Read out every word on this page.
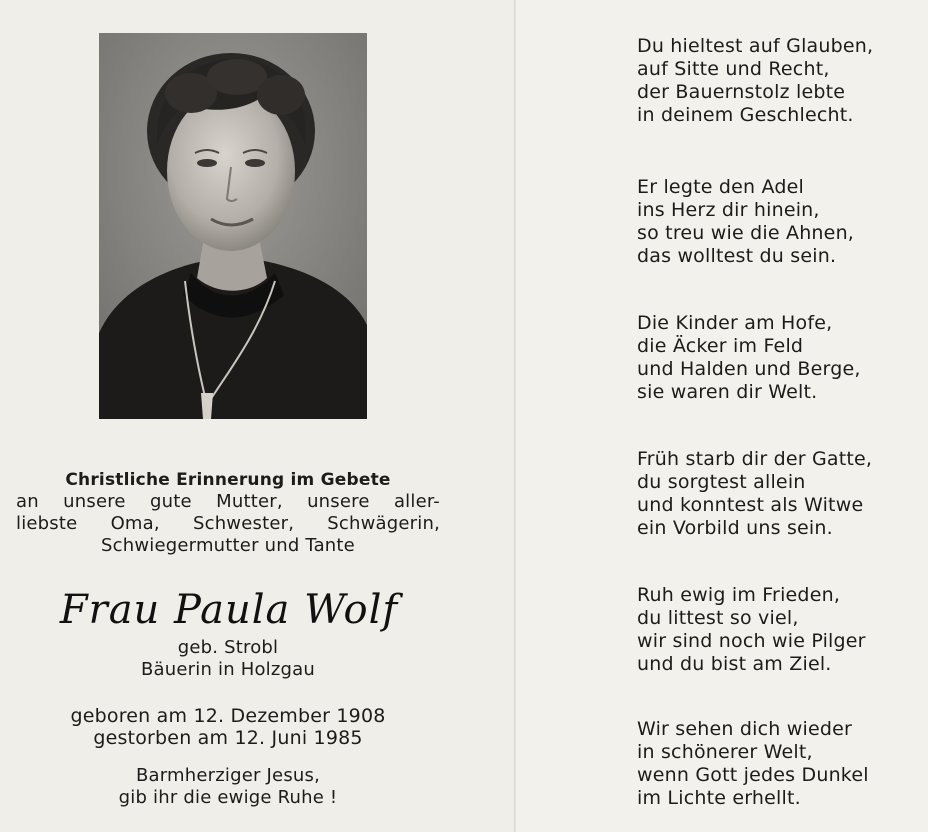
Christliche Erinnerung im Gebete
an unsere gute Mutter, unsere aller-
liebste Oma, Schwester, Schwägerin,
Schwiegermutter und Tante
Frau Paula Wolf
geb. Strobl
Bäuerin in Holzgau
geboren am 12. Dezember 1908
gestorben am 12. Juni 1985
Barmherziger Jesus,
gib ihr die ewige Ruhe !
Du hieltest auf Glauben,
auf Sitte und Recht,
der Bauernstolz lebte
in deinem Geschlecht.
Er legte den Adel
ins Herz dir hinein,
so treu wie die Ahnen,
das wolltest du sein.
Die Kinder am Hofe,
die Äcker im Feld
und Halden und Berge,
sie waren dir Welt.
Früh starb dir der Gatte,
du sorgtest allein
und konntest als Witwe
ein Vorbild uns sein.
Ruh ewig im Frieden,
du littest so viel,
wir sind noch wie Pilger
und du bist am Ziel.
Wir sehen dich wieder
in schönerer Welt,
wenn Gott jedes Dunkel
im Lichte erhellt.
